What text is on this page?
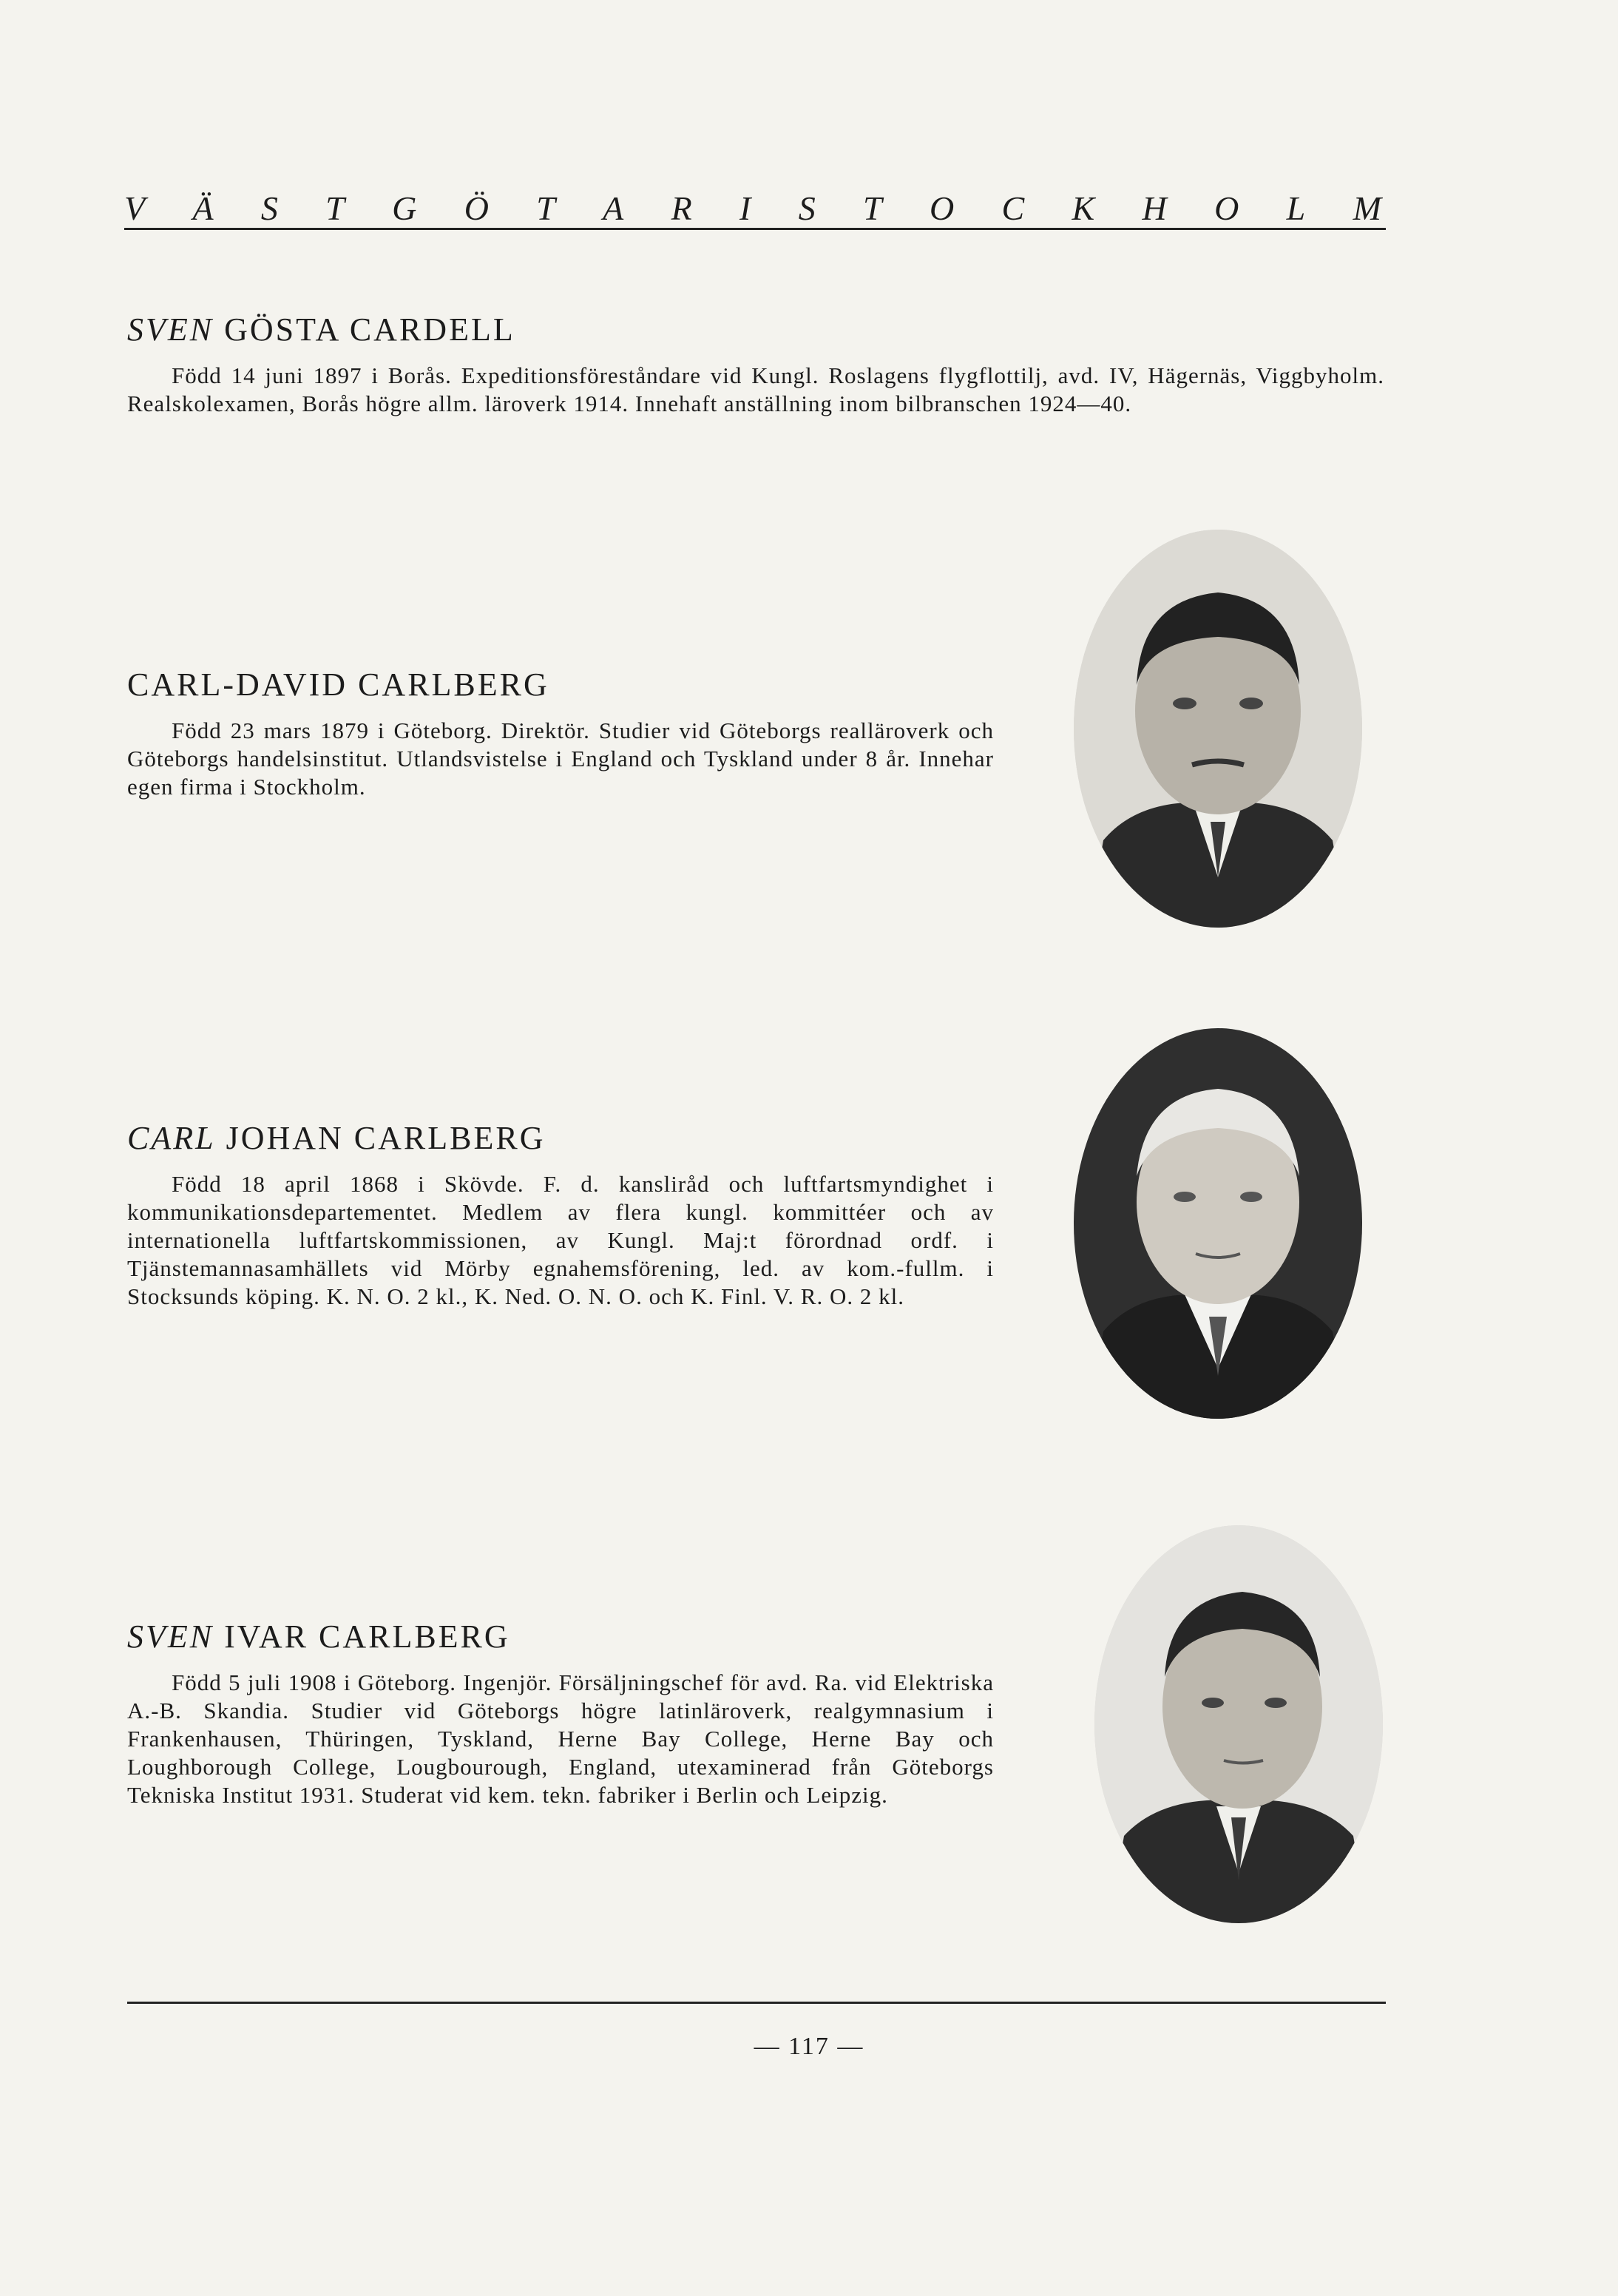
V Ä S T G Ö T A R I S T O C K H O L M
SVEN GÖSTA CARDELL

Född 14 juni 1897 i Borås. Expeditionsföreståndare vid Kungl. Roslagens flygflottilj, avd. IV, Hägernäs, Viggbyholm. Realskolexamen, Borås högre allm. läroverk 1914. Innehaft anställning inom bilbranschen 1924—40.

CARL-DAVID CARLBERG

Född 23 mars 1879 i Göteborg. Direktör. Studier vid Göteborgs realläroverk och Göteborgs handelsinstitut. Utlandsvistelse i England och Tyskland under 8 år. Innehar egen firma i Stockholm.

CARL JOHAN CARLBERG

Född 18 april 1868 i Skövde. F. d. kansliråd och luftfartsmyndighet i kommunikationsdepartementet. Medlem av flera kungl. kommittéer och av internationella luftfartskommissionen, av Kungl. Maj:t förordnad ordf. i Tjänstemannasamhällets vid Mörby egnahemsförening, led. av kom.-fullm. i Stocksunds köping. K. N. O. 2 kl., K. Ned. O. N. O. och K. Finl. V. R. O. 2 kl.

SVEN IVAR CARLBERG

Född 5 juli 1908 i Göteborg. Ingenjör. Försäljningschef för avd. Ra. vid Elektriska A.-B. Skandia. Studier vid Göteborgs högre latinläroverk, realgymnasium i Frankenhausen, Thüringen, Tyskland, Herne Bay College, Herne Bay och Loughborough College, Lougbourough, England, utexaminerad från Göteborgs Tekniska Institut 1931. Studerat vid kem. tekn. fabriker i Berlin och Leipzig.

— 117 —
